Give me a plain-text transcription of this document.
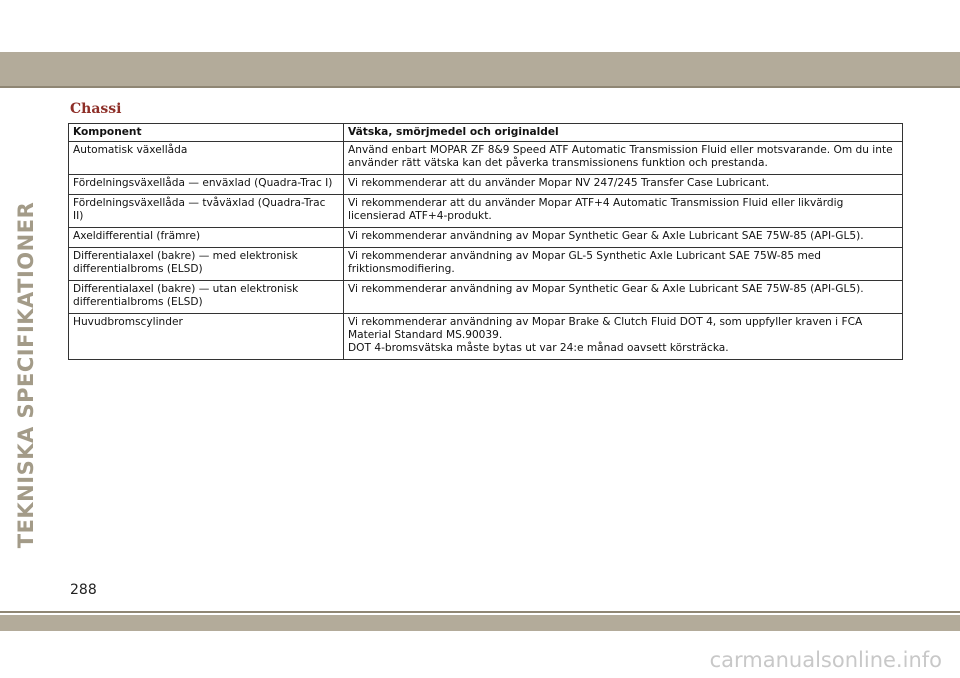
TEKNISKA SPECIFIKATIONER
Chassi
Komponent	Vätska, smörjmedel och originaldel
Automatisk växellåda	Använd enbart MOPAR ZF 8&9 Speed ATF Automatic Transmission Fluid eller motsvarande. Om du inte använder rätt vätska kan det påverka transmissionens funktion och prestanda.
Fördelningsväxellåda — enväxlad (Quadra-Trac I)	Vi rekommenderar att du använder Mopar NV 247/245 Transfer Case Lubricant.
Fördelningsväxellåda — tvåväxlad (Quadra-Trac II)	Vi rekommenderar att du använder Mopar ATF+4 Automatic Transmission Fluid eller likvärdig licensierad ATF+4-produkt.
Axeldifferential (främre)	Vi rekommenderar användning av Mopar Synthetic Gear & Axle Lubricant SAE 75W-85 (API-GL5).
Differentialaxel (bakre) — med elektronisk differentialbroms (ELSD)	Vi rekommenderar användning av Mopar GL-5 Synthetic Axle Lubricant SAE 75W-85 med friktionsmodifiering.
Differentialaxel (bakre) — utan elektronisk differentialbroms (ELSD)	Vi rekommenderar användning av Mopar Synthetic Gear & Axle Lubricant SAE 75W-85 (API-GL5).
Huvudbromscylinder	Vi rekommenderar användning av Mopar Brake & Clutch Fluid DOT 4, som uppfyller kraven i FCA Material Standard MS.90039.
DOT 4-bromsvätska måste bytas ut var 24:e månad oavsett körsträcka.
288
carmanualsonline.info
